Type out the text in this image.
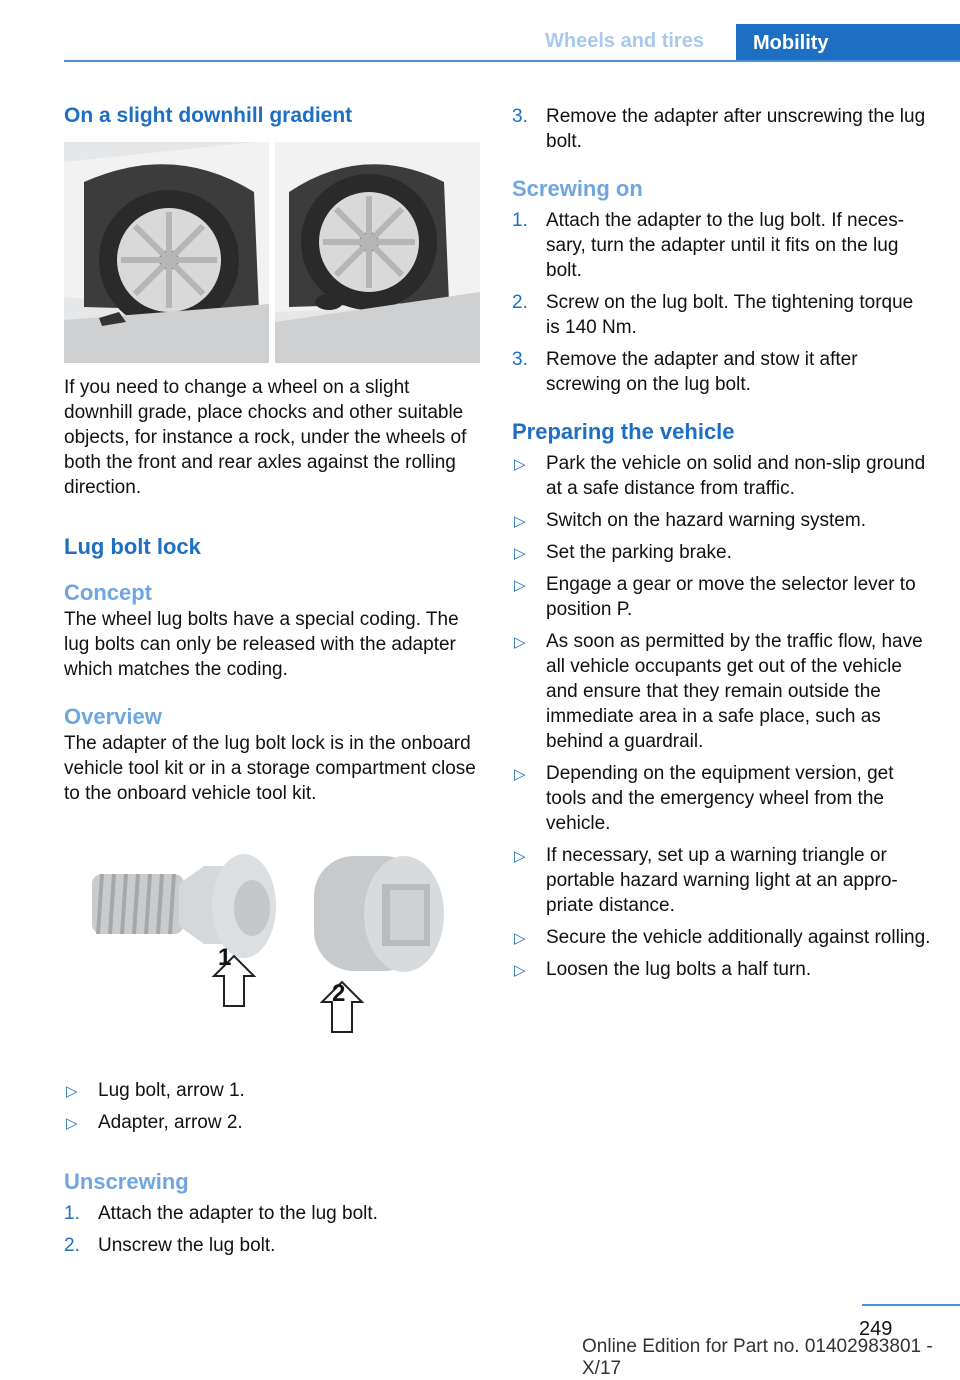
Wheels and tires	Mobility
On a slight downhill gradient

If you need to change a wheel on a slight downhill grade, place chocks and other suitable objects, for instance a rock, under the wheels of both the front and rear axles against the rolling direction.

Lug bolt lock
Concept

The wheel lug bolts have a special coding. The lug bolts can only be released with the adapter which matches the coding.

Overview

The adapter of the lug bolt lock is in the onboard vehicle tool kit or in a storage compartment close to the onboard vehicle tool kit.

1
2
▷ Lug bolt, arrow 1.
▷ Adapter, arrow 2.
Unscrewing
1. Attach the adapter to the lug bolt.
2. Unscrew the lug bolt.
3. Remove the adapter after unscrewing the lug bolt.
Screwing on
1. Attach the adapter to the lug bolt. If necessary, turn the adapter until it fits on the lug bolt.
2. Screw on the lug bolt. The tightening torque is 140 Nm.
3. Remove the adapter and stow it after screwing on the lug bolt.
Preparing the vehicle
▷ Park the vehicle on solid and non-slip ground at a safe distance from traffic.
▷ Switch on the hazard warning system.
▷ Set the parking brake.
▷ Engage a gear or move the selector lever to position P.
▷ As soon as permitted by the traffic flow, have all vehicle occupants get out of the vehicle and ensure that they remain outside the immediate area in a safe place, such as behind a guardrail.
▷ Depending on the equipment version, get tools and the emergency wheel from the vehicle.
▷ If necessary, set up a warning triangle or portable hazard warning light at an appropriate distance.
▷ Secure the vehicle additionally against rolling.
▷ Loosen the lug bolts a half turn.
249
Online Edition for Part no. 01402983801 - X/17
